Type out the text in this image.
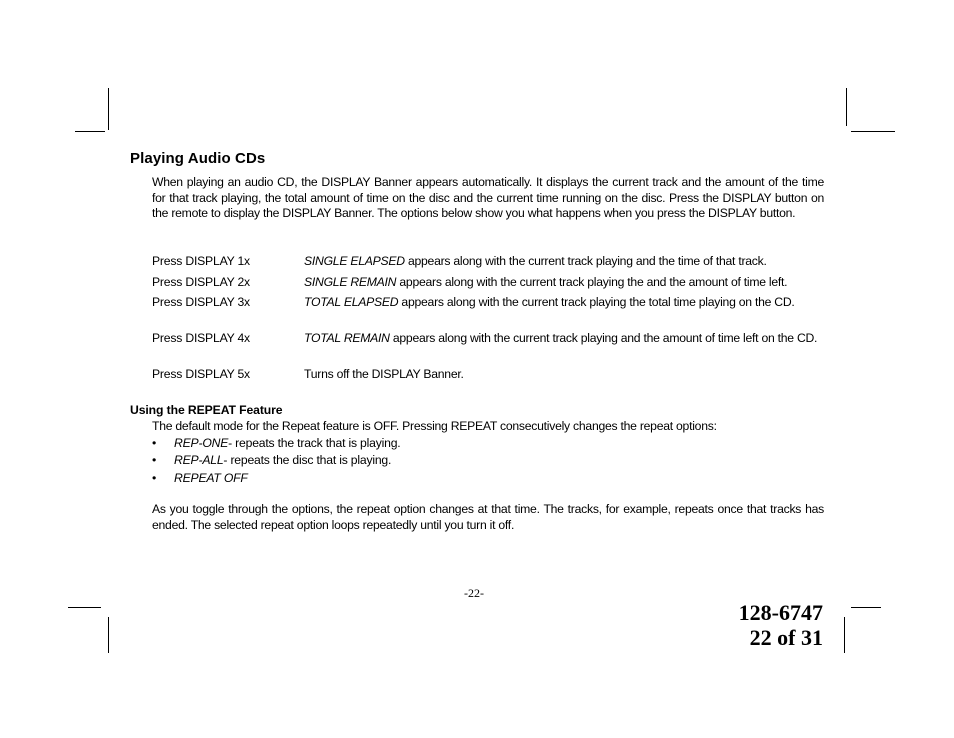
Playing Audio CDs

When playing an audio CD, the DISPLAY Banner appears automatically. It displays the current track and the amount of the time for that track playing, the total amount of time on the disc and the current time running on the disc. Press the DISPLAY button on the remote to display the DISPLAY Banner. The options below show you what happens when you press the DISPLAY button.

Press DISPLAY 1x	SINGLE ELAPSED appears along with the current track playing and the time of that track.
Press DISPLAY 2x	SINGLE REMAIN appears along with the current track playing the and the amount of time left.
Press DISPLAY 3x	TOTAL ELAPSED appears along with the current track playing the total time playing on the CD.
Press DISPLAY 4x	TOTAL REMAIN appears along with the current track playing and the amount of time left on the CD.
Press DISPLAY 5x	Turns off the DISPLAY Banner.
Using the REPEAT Feature

The default mode for the Repeat feature is OFF. Pressing REPEAT consecutively changes the repeat options:

• REP-ONE- repeats the track that is playing.
• REP-ALL- repeats the disc that is playing.
• REPEAT OFF

As you toggle through the options, the repeat option changes at that time. The tracks, for example, repeats once that tracks has ended. The selected repeat option loops repeatedly until you turn it off.

-22-
128-6747
22 of 31
